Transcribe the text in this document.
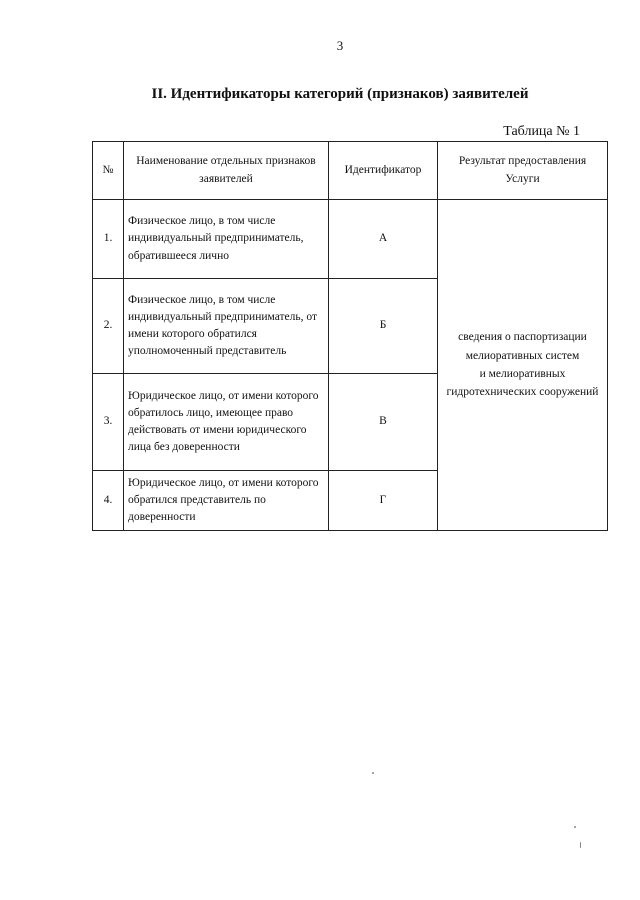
3
II. Идентификаторы категорий (признаков) заявителей
Таблица № 1
№	Наименование отдельных признаков заявителей	Идентификатор	Результат предоставления Услуги
1.	Физическое лицо, в том числе индивидуальный предприниматель, обратившееся лично	А	сведения о паспортизации
мелиоративных систем
и мелиоративных
гидротехнических сооружений

2.	Физическое лицо, в том числе индивидуальный предприниматель, от имени которого обратился уполномоченный представитель	Б	
3.	Юридическое лицо, от имени которого обратилось лицо, имеющее право действовать от имени юридического лица без доверенности	В	
4.	Юридическое лицо, от имени которого обратился представитель по доверенности	Г	
